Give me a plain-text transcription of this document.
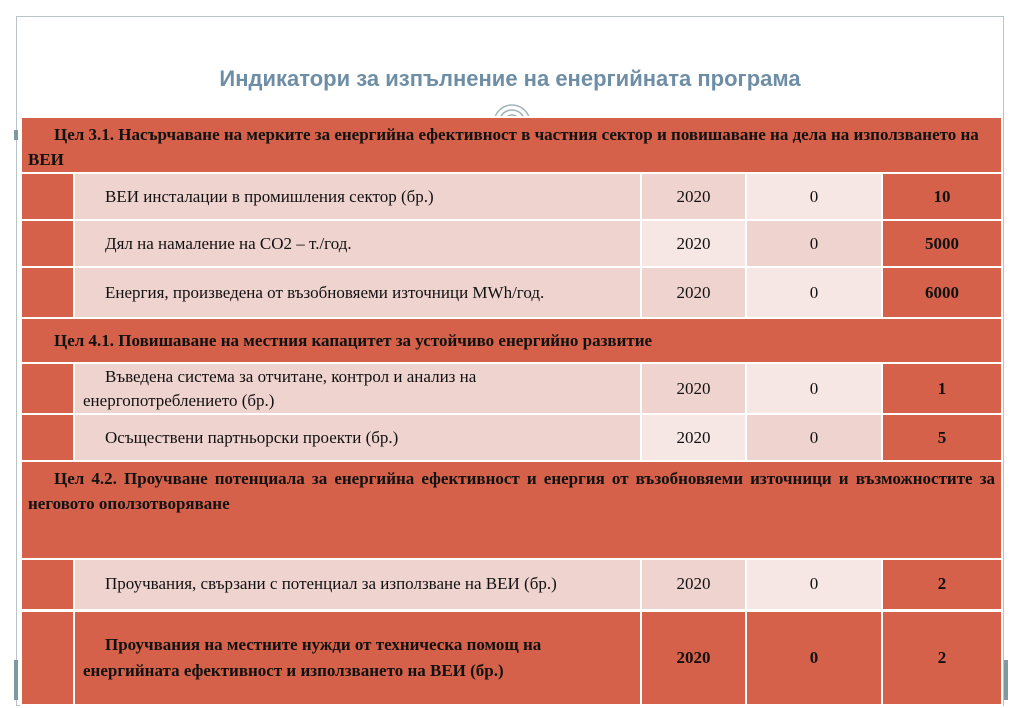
Индикатори за изпълнение на енергийната програма
Цел 3.1. Насърчаване на мерките за енергийна ефективност в частния сектор и повишаване на дела на използването на ВЕИ				
	ВЕИ инсталации в промишления сектор (бр.)	2020	0	10
	Дял на намаление на CO2 – т./год.	2020	0	5000
	Енергия, произведена от възобновяеми източници MWh/год.	2020	0	6000
Цел 4.1. Повишаване на местния капацитет за устойчиво енергийно развитие				
	Въведена система за отчитане, контрол и анализ на енергопотреблението (бр.)	2020	0	1
	Осъществени партньорски проекти (бр.)	2020	0	5
Цел 4.2. Проучване потенциала за енергийна ефективност и енергия от възобновяеми източници и възможностите за неговото оползотворяване				
	Проучвания, свързани с потенциал за използване на ВЕИ (бр.)	2020	0	2
	Проучвания на местните нужди от техническа помощ на енергийната ефективност и използването на ВЕИ (бр.)	2020	0	2
